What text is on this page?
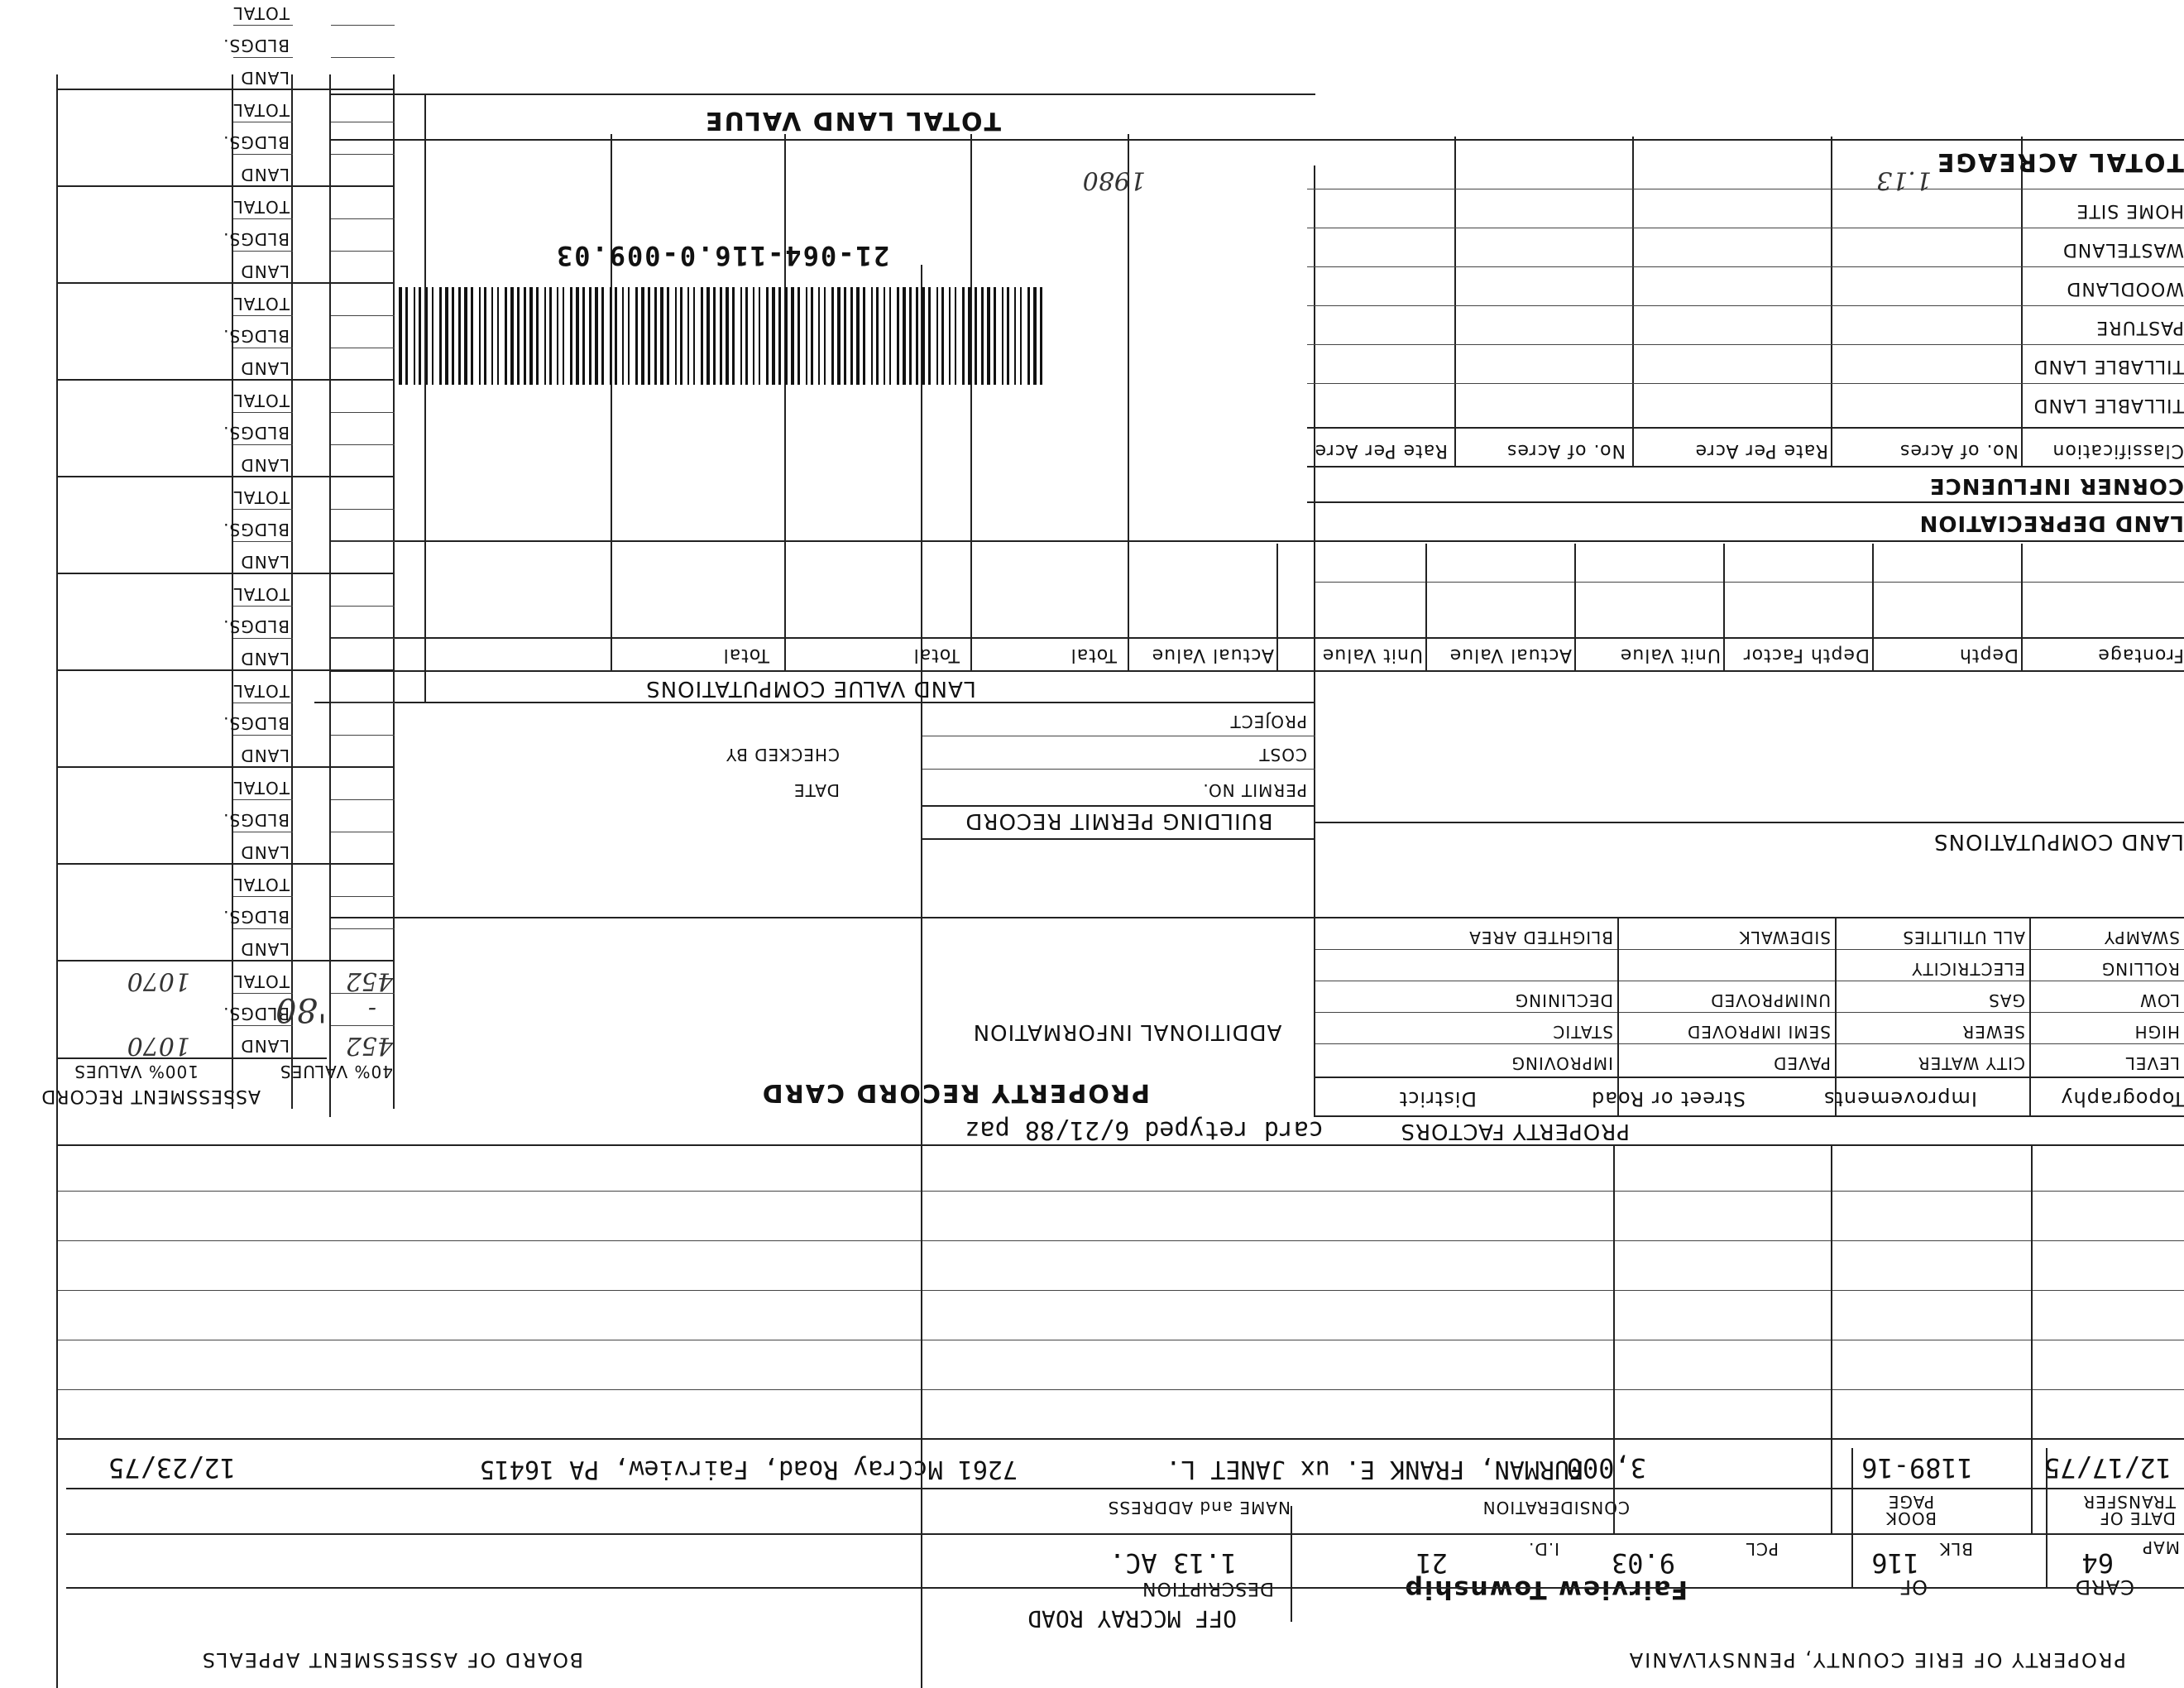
PROPERTY OF ERIE COUNTY, PENNSYLVANIA
BOARD OF ASSESSMENT APPEALS
CARD
OF
Fairview Township
DESCRIPTION
OFF MCCRAY ROAD
MAP
64
BLK
116
PCL
9.03
I.D.
21
1.13 AC.
DATE OF TRANSFER
BOOK PAGE
CONSIDERATION
NAME and ADDRESS
12/17/75
1189-16
3,000
FURMAN, FRANK E. ux JANET L.
7261 McCray Road, Fairview, PA 16415
12/23/75
PROPERTY FACTORS
card retyped 6/21/88 paz
Topography
Improvements
Street or Road
District
LEVEL
CITY WATER
PAVED
IMPROVING
HIGH
SEWER
SEMI IMPROVED
STATIC
LOW
GAS
UNIMPROVED
DECLINING
ROLLING
ELECTRICITY
SWAMPY
ALL UTILITIES
SIDEWALK
BLIGHTED AREA
PROPERTY RECORD CARD
ADDITIONAL INFORMATION
BUILDING PERMIT RECORD
PERMIT NO.
DATE
COST
CHECKED BY
PROJECT
LAND COMPUTATIONS
LAND VALUE COMPUTATIONS
Frontage
Depth
Depth Factor
Unit Value
Actual Value
Unit Value
Actual Value
Total
Total
Total
LAND DEPRECIATION
CORNER INFLUENCE
Classification
No. of Acres
Rate Per Acre
No. of Acres
Rate Per Acre
TILLABLE LAND
TILLABLE LAND
PASTURE
WOODLAND
WASTELAND
HOME SITE
TOTAL ACREAGE
TOTAL LAND VALUE
21-064-116.0-009.03
1.13
1980
ASSESSMENT RECORD
100% VALUES	40% VALUES
LAND
BLDGS.
TOTAL
LAND
BLDGS.
TOTAL
LAND
BLDGS.
TOTAL
LAND
BLDGS.
TOTAL
LAND
BLDGS.
TOTAL
LAND
BLDGS.
TOTAL
LAND
BLDGS.
TOTAL
LAND
BLDGS.
TOTAL
LAND
BLDGS.
TOTAL
LAND
BLDGS.
TOTAL
LAND
BLDGS.
TOTAL
452
1070
-
452
1070
'80
